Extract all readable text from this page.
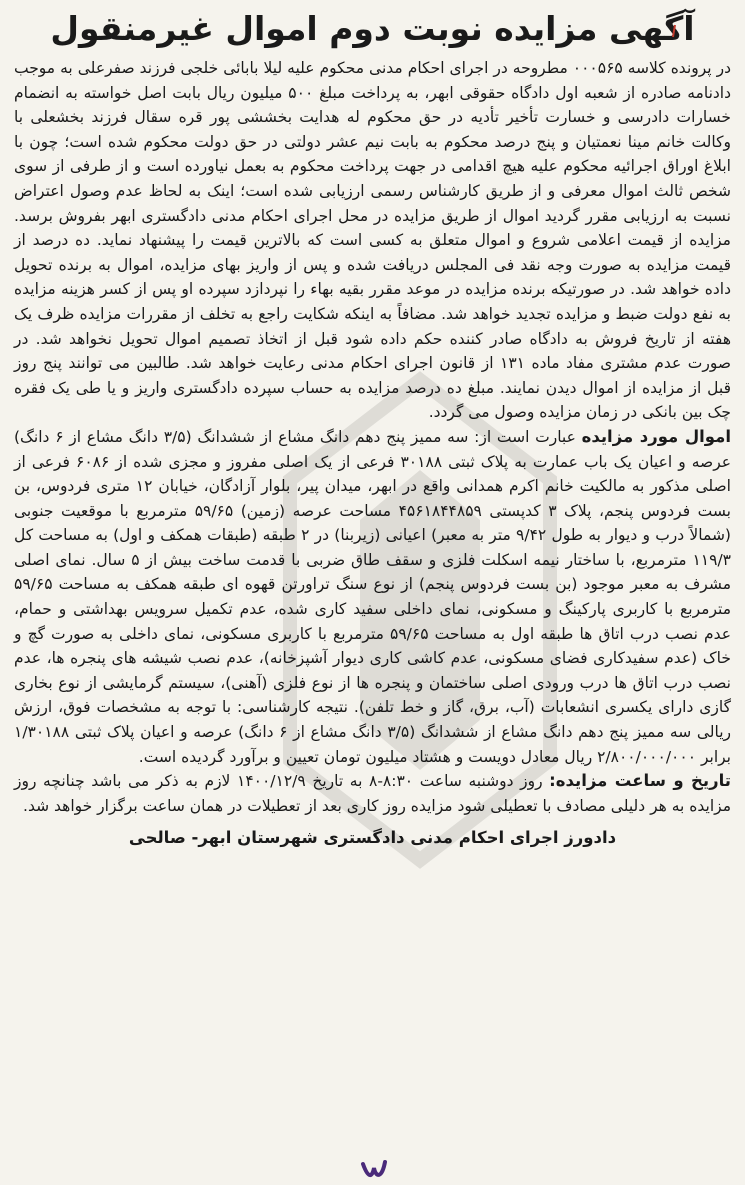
آگهی مزایده نوبت دوم اموال غیرمنقول

در پرونده کلاسه ۰۰۰۵۶۵ مطروحه در اجرای احکام مدنی محکوم علیه لیلا بابائی خلجی فرزند صفرعلی به موجب دادنامه صادره از شعبه اول دادگاه حقوقی ابهر، به پرداخت مبلغ ۵۰۰ میلیون ریال بابت اصل خواسته به انضمام خسارات دادرسی و خسارت تأخیر تأدیه در حق محکوم له هدایت بخششی پور قره سقال فرزند بخشعلی با وکالت خانم مینا نعمتیان و پنج درصد محکوم به بابت نیم عشر دولتی در حق دولت محکوم شده است؛ چون با ابلاغ اوراق اجرائیه محکوم علیه هیچ اقدامی در جهت پرداخت محکوم به بعمل نیاورده است و از طرفی از سوی شخص ثالث اموال معرفی و از طریق کارشناس رسمی ارزیابی شده است؛ اینک به لحاظ عدم وصول اعتراض نسبت به ارزیابی مقرر گردید اموال از طریق مزایده در محل اجرای احکام مدنی دادگستری ابهر بفروش برسد. مزایده از قیمت اعلامی شروع و اموال متعلق به کسی است که بالاترین قیمت را پیشنهاد نماید. ده درصد از قیمت مزایده به صورت وجه نقد فی المجلس دریافت شده و پس از واریز بهای مزایده، اموال به برنده تحویل داده خواهد شد. در صورتیکه برنده مزایده در موعد مقرر بقیه بهاء را نپردازد سپرده او پس از کسر هزینه مزایده به نفع دولت ضبط و مزایده تجدید خواهد شد. مضافاً به اینکه شکایت راجع به تخلف از مقررات مزایده ظرف یک هفته از تاریخ فروش به دادگاه صادر کننده حکم داده شود قبل از اتخاذ تصمیم اموال تحویل نخواهد شد. در صورت عدم مشتری مفاد ماده ۱۳۱ از قانون اجرای احکام مدنی رعایت خواهد شد. طالبین می توانند پنج روز قبل از مزایده از اموال دیدن نمایند. مبلغ ده درصد مزایده به حساب سپرده دادگستری واریز و یا طی یک فقره چک بین بانکی در زمان مزایده وصول می گردد.

اموال مورد مزایده عبارت است از: سه ممیز پنج دهم دانگ مشاع از ششدانگ (۳/۵ دانگ مشاع از ۶ دانگ) عرصه و اعیان یک باب عمارت به پلاک ثبتی ۳۰۱۸۸ فرعی از یک اصلی مفروز و مجزی شده از ۶۰۸۶ فرعی از اصلی مذکور به مالکیت خانم اکرم همدانی واقع در ابهر، میدان پیر، بلوار آزادگان، خیابان ۱۲ متری فردوس، بن بست فردوس پنجم، پلاک ۳ کدپستی ۴۵۶۱۸۴۴۸۵۹ مساحت عرصه (زمین) ۵۹/۶۵ مترمربع با موقعیت جنوبی (شمالاً درب و دیوار به طول ۹/۴۲ متر به معبر) اعیانی (زیربنا) در ۲ طبقه (طبقات همکف و اول) به مساحت کل ۱۱۹/۳ مترمربع، با ساختار نیمه اسکلت فلزی و سقف طاق ضربی با قدمت ساخت بیش از ۵ سال. نمای اصلی مشرف به معبر موجود (بن بست فردوس پنجم) از نوع سنگ تراورتن قهوه ای طبقه همکف به مساحت ۵۹/۶۵ مترمربع با کاربری پارکینگ و مسکونی، نمای داخلی سفید کاری شده، عدم تکمیل سرویس بهداشتی و حمام، عدم نصب درب اتاق ها طبقه اول به مساحت ۵۹/۶۵ مترمربع با کاربری مسکونی، نمای داخلی به صورت گچ و خاک (عدم سفیدکاری فضای مسکونی، عدم کاشی کاری دیوار آشپزخانه)، عدم نصب شیشه های پنجره ها، عدم نصب درب اتاق ها درب ورودی اصلی ساختمان و پنجره ها از نوع فلزی (آهنی)، سیستم گرمایشی از نوع بخاری گازی دارای یکسری انشعابات (آب، برق، گاز و خط تلفن). نتیجه کارشناسی: با توجه به مشخصات فوق، ارزش ریالی سه ممیز پنج دهم دانگ مشاع از ششدانگ (۳/۵ دانگ مشاع از ۶ دانگ) عرصه و اعیان پلاک ثبتی ۱/۳۰۱۸۸ برابر ۲/۸۰۰/۰۰۰/۰۰۰ ریال معادل دویست و هشتاد میلیون تومان تعیین و برآورد گردیده است.

تاریخ و ساعت مزایده: روز دوشنبه ساعت ۸:۳۰-۸ به تاریخ ۱۴۰۰/۱۲/۹ لازم به ذکر می باشد چنانچه روز مزایده به هر دلیلی مصادف با تعطیلی شود مزایده روز کاری بعد از تعطیلات در همان ساعت برگزار خواهد شد.

دادورز اجرای احکام مدنی دادگستری شهرستان ابهر- صالحی
